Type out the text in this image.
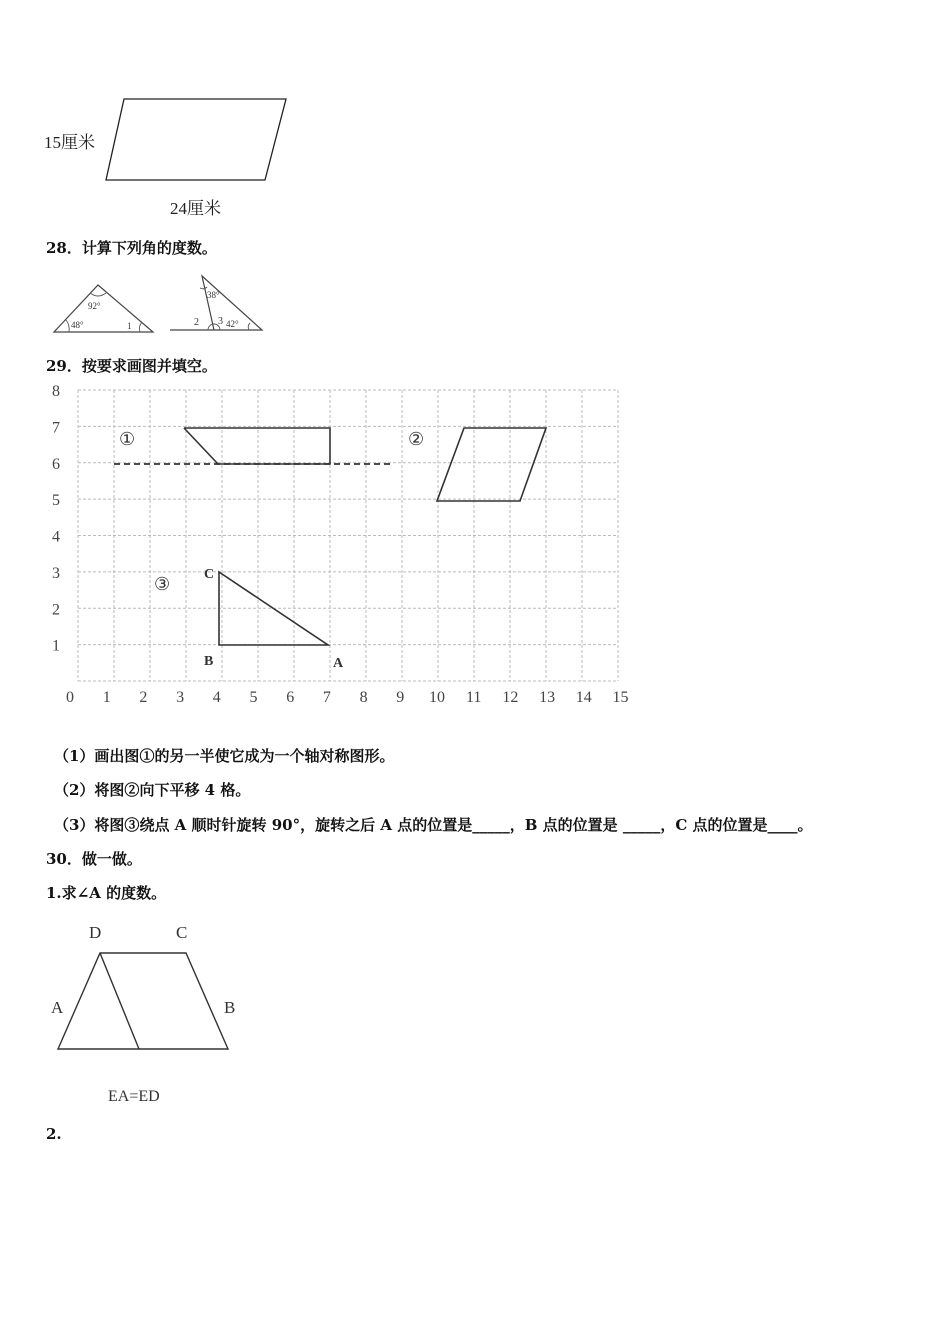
15厘米
24厘米
28．计算下列角的度数。
92°
48°	1
38°
2 3 42°
29．按要求画图并填空。
1
2
3
4
5
6
7
8
0 1 2 3 4 5 6 7 8 9 10 11 12 13 14 15
①	②
③ C
B	A
（1）画出图①的另一半使它成为一个轴对称图形。
（2）将图②向下平移 4 格。
（3）将图③绕点 A 顺时针旋转 90°，旋转之后 A 点的位置是_____，B 点的位置是 _____，C 点的位置是____。
30．做一做。
1.求∠A 的度数。
D	C
A	B
EA=ED
2.
